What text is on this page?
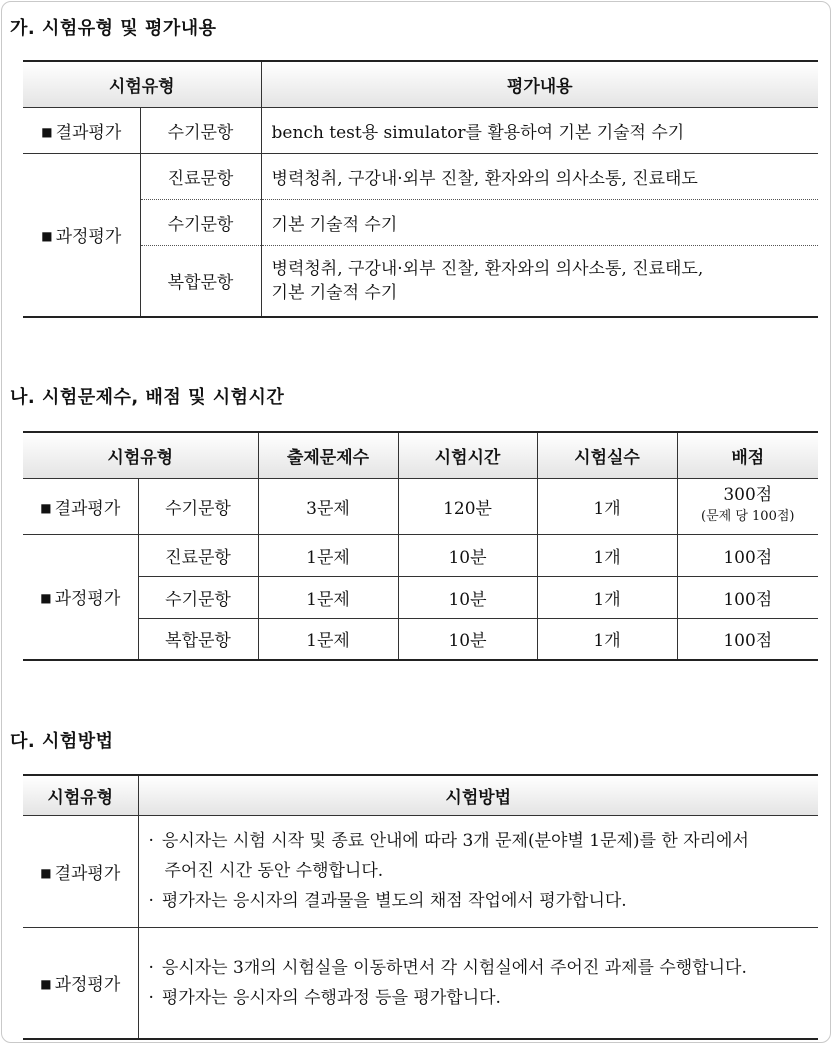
가. 시험유형 및 평가내용
시험유형		평가내용
■ 결과평가	수기문항	bench test용 simulator를 활용하여 기본 기술적 수기
■ 과정평가	진료문항	병력청취, 구강내·외부 진찰, 환자와의 의사소통, 진료태도
	수기문항	기본 기술적 수기
	복합문항	병력청취, 구강내·외부 진찰, 환자와의 의사소통, 진료태도,
기본 기술적 수기
나. 시험문제수, 배점 및 시험시간
시험유형		출제문제수	시험시간	시험실수	배점
■ 결과평가	수기문항	3문제	120분	1개	300점
(문제 당 100점)

■ 과정평가	진료문항	1문제	10분	1개	100점
	수기문항	1문제	10분	1개	100점
	복합문항	1문제	10분	1개	100점
다. 시험방법
시험유형	시험방법
■ 결과평가	· 응시자는 시험 시작 및 종료 안내에 따라 3개 문제(분야별 1문제)를 한 자리에서
주어진 시간 동안 수행합니다.
· 평가자는 응시자의 결과물을 별도의 채점 작업에서 평가합니다.

■ 과정평가	· 응시자는 3개의 시험실을 이동하면서 각 시험실에서 주어진 과제를 수행합니다.
· 평가자는 응시자의 수행과정 등을 평가합니다.
